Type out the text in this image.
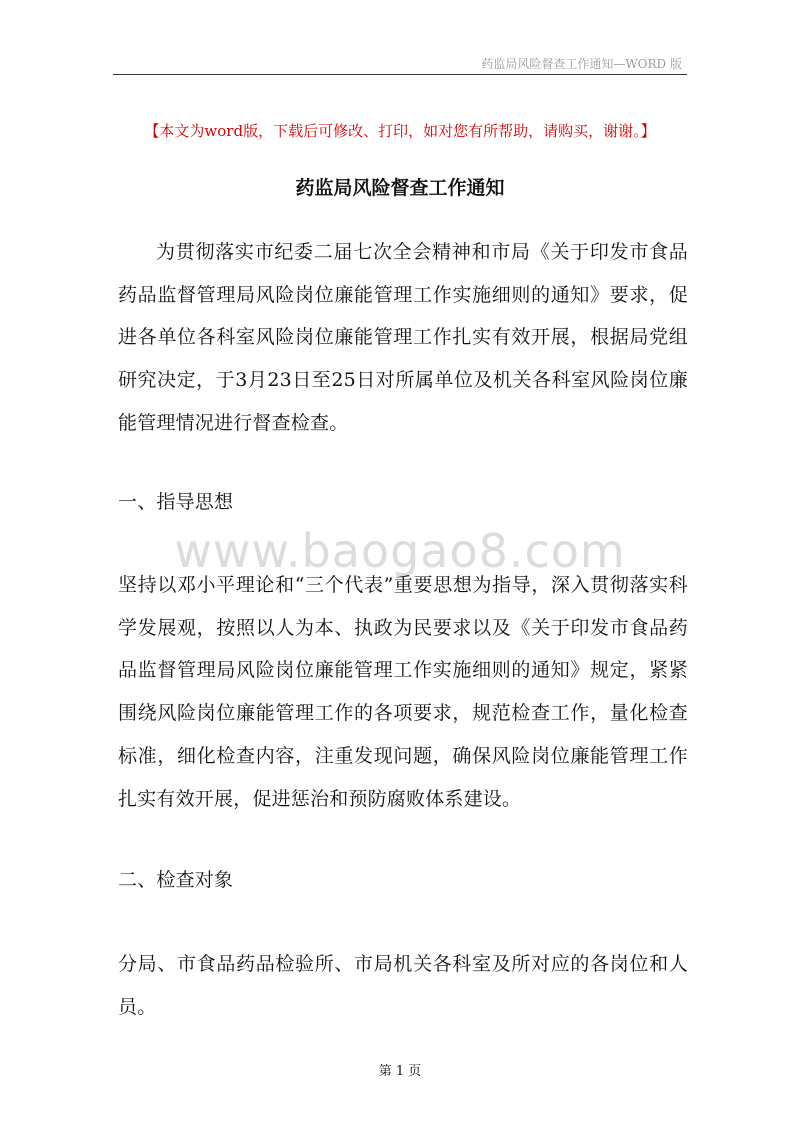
药监局风险督查工作通知—WORD 版
【本文为word版，下载后可修改、打印，如对您有所帮助，请购买，谢谢。】
药监局风险督查工作通知

为贯彻落实市纪委二届七次全会精神和市局《关于印发市食品药品监督管理局风险岗位廉能管理工作实施细则的通知》要求，促进各单位各科室风险岗位廉能管理工作扎实有效开展，根据局党组研究决定，于3月23日至25日对所属单位及机关各科室风险岗位廉能管理情况进行督查检查。

一、指导思想

www.baogao8.com

坚持以邓小平理论和“三个代表”重要思想为指导，深入贯彻落实科学发展观，按照以人为本、执政为民要求以及《关于印发市食品药品监督管理局风险岗位廉能管理工作实施细则的通知》规定，紧紧围绕风险岗位廉能管理工作的各项要求，规范检查工作，量化检查标准，细化检查内容，注重发现问题，确保风险岗位廉能管理工作扎实有效开展，促进惩治和预防腐败体系建设。

二、检查对象

分局、市食品药品检验所、市局机关各科室及所对应的各岗位和人员。

第 1 页
